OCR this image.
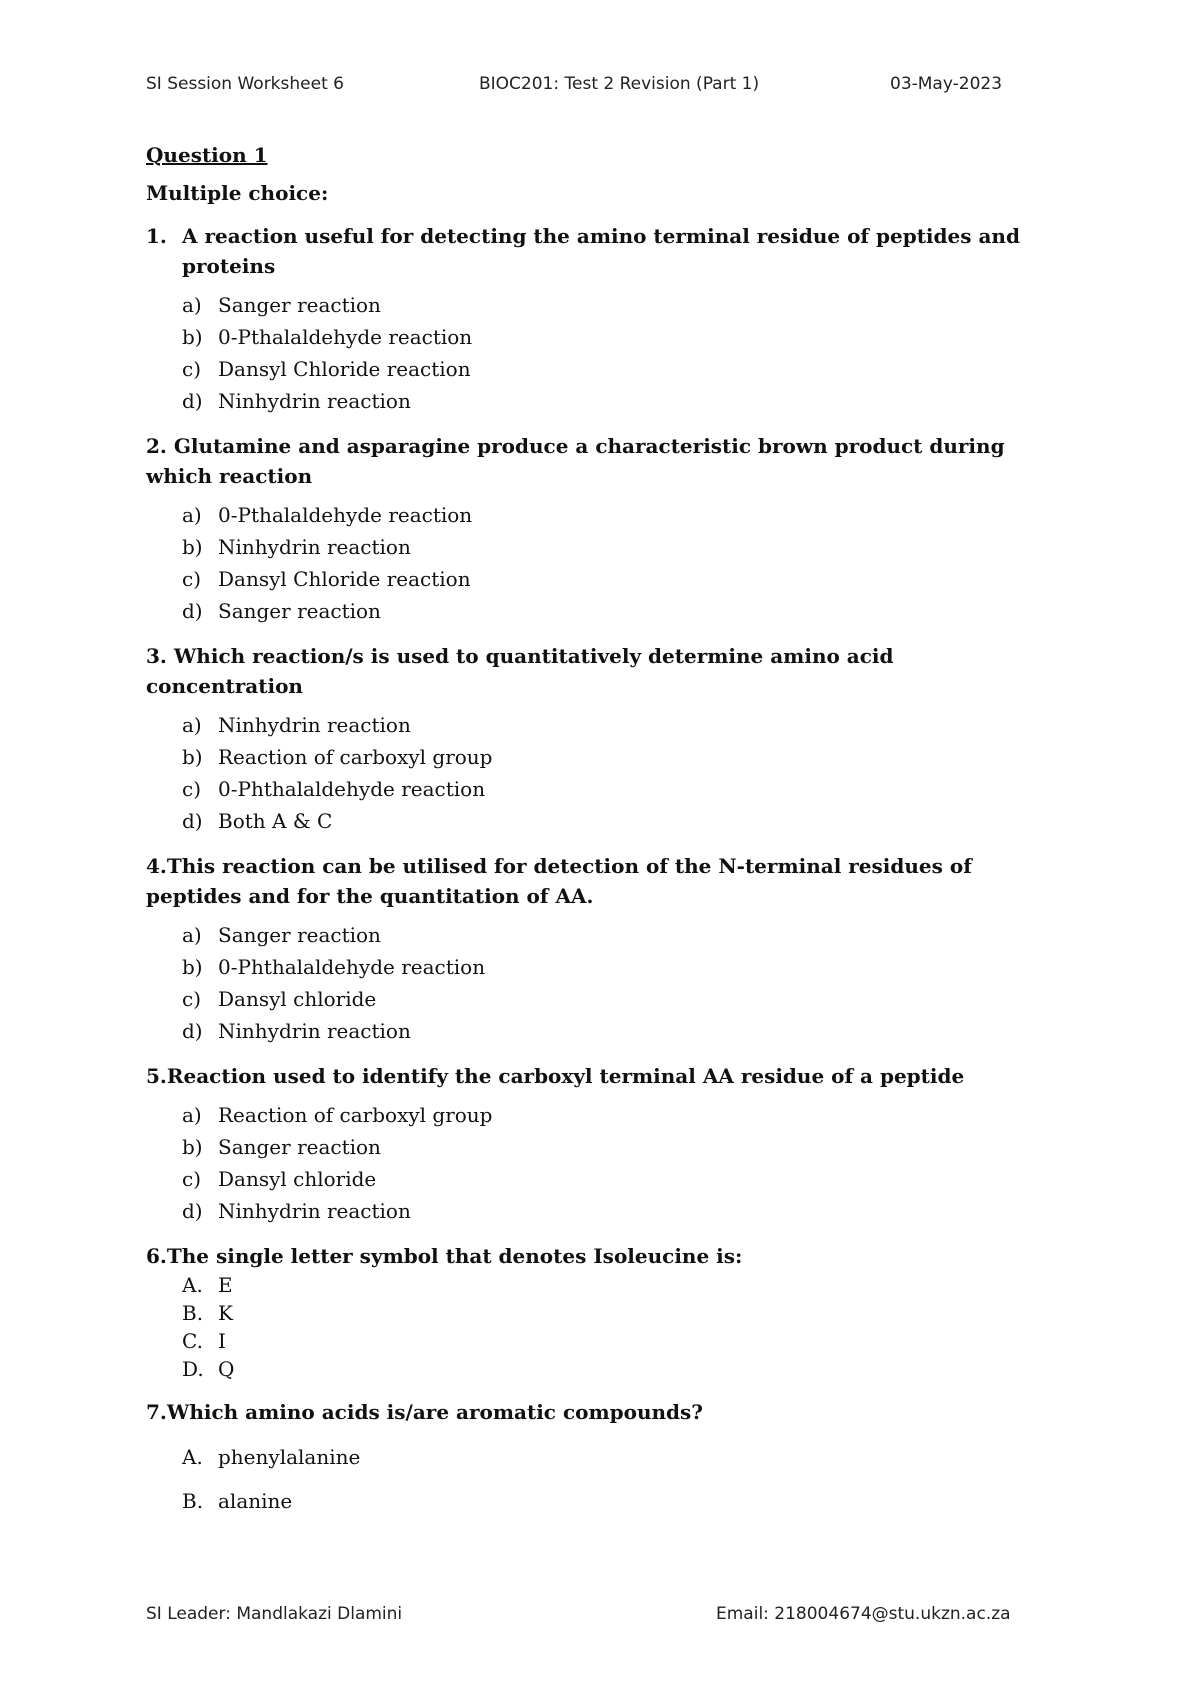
SI Session Worksheet 6	BIOC201: Test 2 Revision (Part 1)	03-May-2023
Question 1
Multiple choice:
1. A reaction useful for detecting the amino terminal residue of peptides and proteins
a) Sanger reaction
b) 0-Pthalaldehyde reaction
c) Dansyl Chloride reaction
d) Ninhydrin reaction
2. Glutamine and asparagine produce a characteristic brown product during which reaction
a) 0-Pthalaldehyde reaction
b) Ninhydrin reaction
c) Dansyl Chloride reaction
d) Sanger reaction
3. Which reaction/s is used to quantitatively determine amino acid concentration
a) Ninhydrin reaction
b) Reaction of carboxyl group
c) 0-Phthalaldehyde reaction
d) Both A & C
4.This reaction can be utilised for detection of the N-terminal residues of peptides and for the quantitation of AA.
a) Sanger reaction
b) 0-Phthalaldehyde reaction
c) Dansyl chloride
d) Ninhydrin reaction
5.Reaction used to identify the carboxyl terminal AA residue of a peptide
a) Reaction of carboxyl group
b) Sanger reaction
c) Dansyl chloride
d) Ninhydrin reaction
6.The single letter symbol that denotes Isoleucine is:
A. E
B. K
C. I
D. Q
7.Which amino acids is/are aromatic compounds?
A. phenylalanine
B. alanine
SI Leader: Mandlakazi Dlamini	Email: 218004674@stu.ukzn.ac.za
